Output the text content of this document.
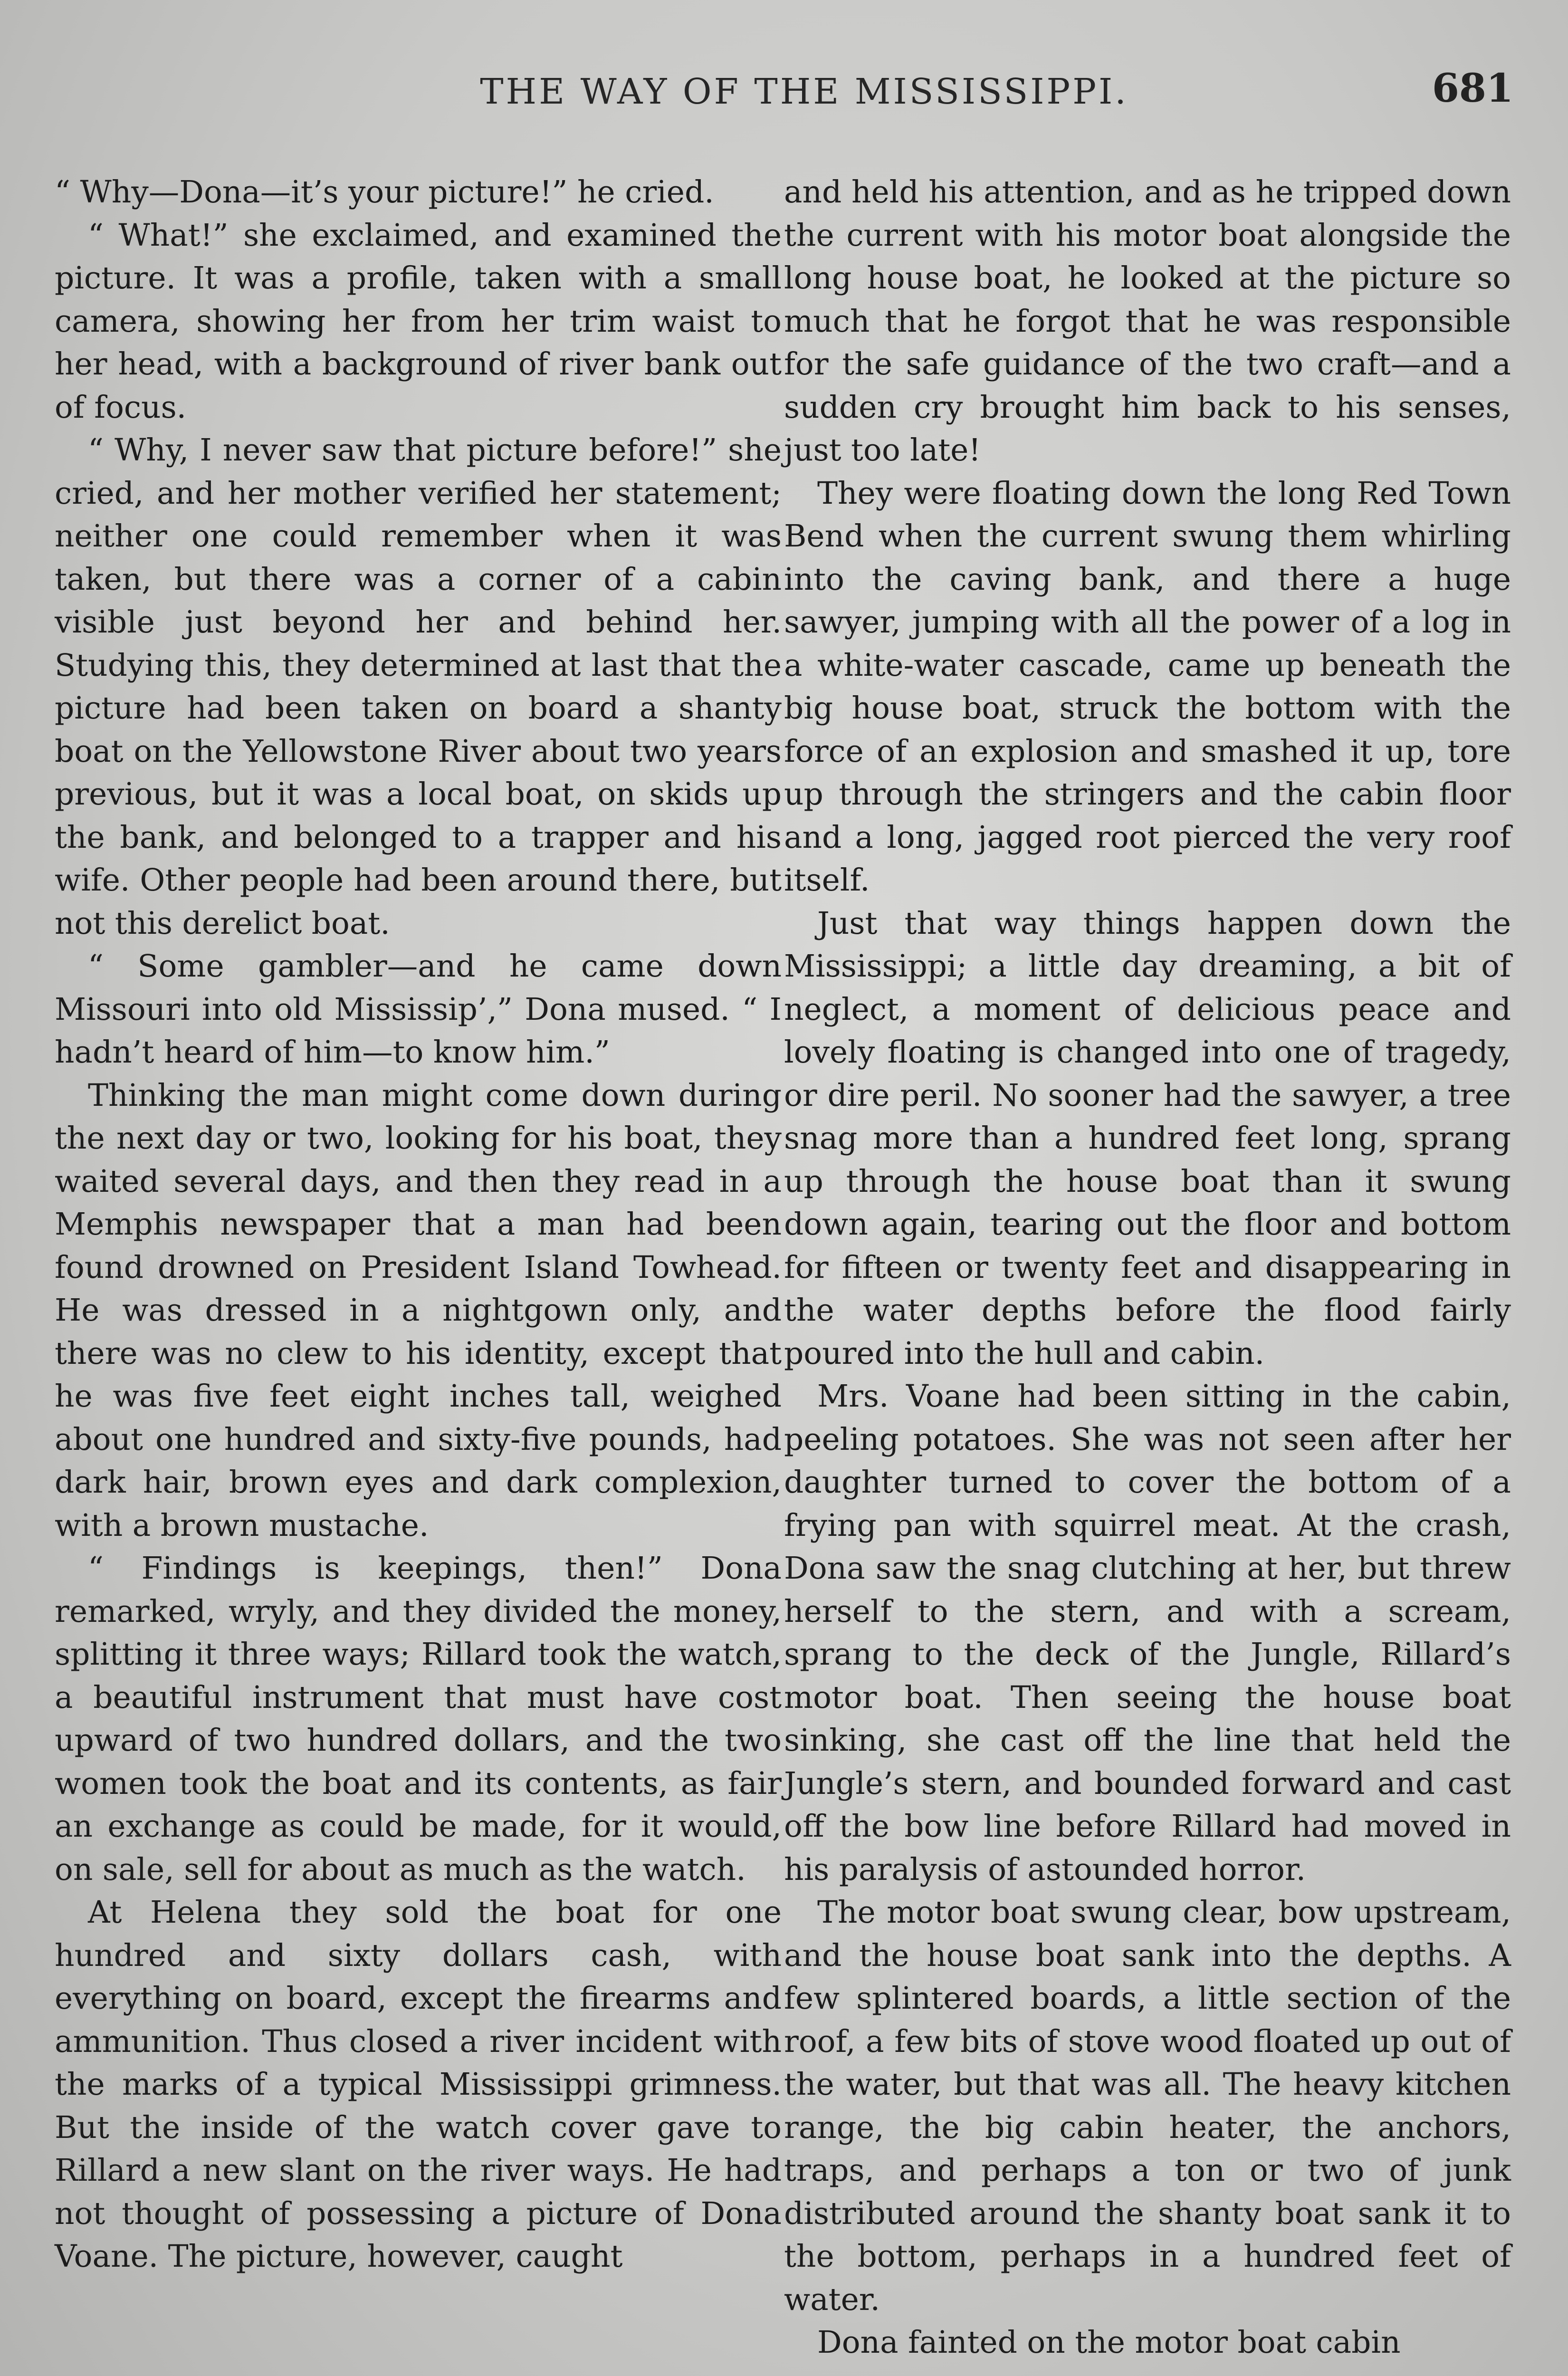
THE WAY OF THE MISSISSIPPI.	681

“ Why—Dona—it’s your picture!” he cried.

“ What!” she exclaimed, and examined the picture. It was a profile, taken with a small camera, showing her from her trim waist to her head, with a background of river bank out of focus.

“ Why, I never saw that picture before!” she cried, and her mother verified her statement; neither one could remember when it was taken, but there was a corner of a cabin visible just beyond her and behind her. Studying this, they determined at last that the picture had been taken on board a shanty boat on the Yellowstone River about two years previous, but it was a local boat, on skids up the bank, and belonged to a trapper and his wife. Other people had been around there, but not this derelict boat.

“ Some gambler—and he came down Missouri into old Mississip’,” Dona mused. “ I hadn’t heard of him—to know him.”

Thinking the man might come down during the next day or two, looking for his boat, they waited several days, and then they read in a Memphis newspaper that a man had been found drowned on President Island Towhead. He was dressed in a nightgown only, and there was no clew to his identity, except that he was five feet eight inches tall, weighed about one hundred and sixty-five pounds, had dark hair, brown eyes and dark complexion, with a brown mustache.

“ Findings is keepings, then!” Dona remarked, wryly, and they divided the money, splitting it three ways; Rillard took the watch, a beautiful instrument that must have cost upward of two hundred dollars, and the two women took the boat and its contents, as fair an exchange as could be made, for it would, on sale, sell for about as much as the watch.

At Helena they sold the boat for one hundred and sixty dollars cash, with everything on board, except the firearms and ammunition. Thus closed a river incident with the marks of a typical Mississippi grimness. But the inside of the watch cover gave to Rillard a new slant on the river ways. He had not thought of possessing a picture of Dona Voane. The picture, however, caught

and held his attention, and as he tripped down the current with his motor boat alongside the long house boat, he looked at the picture so much that he forgot that he was responsible for the safe guidance of the two craft—and a sudden cry brought him back to his senses, just too late!

They were floating down the long Red Town Bend when the current swung them whirling into the caving bank, and there a huge sawyer, jumping with all the power of a log in a white-water cascade, came up beneath the big house boat, struck the bottom with the force of an explosion and smashed it up, tore up through the stringers and the cabin floor and a long, jagged root pierced the very roof itself.

Just that way things happen down the Mississippi; a little day dreaming, a bit of neglect, a moment of delicious peace and lovely floating is changed into one of tragedy, or dire peril. No sooner had the sawyer, a tree snag more than a hundred feet long, sprang up through the house boat than it swung down again, tearing out the floor and bottom for fifteen or twenty feet and disappearing in the water depths before the flood fairly poured into the hull and cabin.

Mrs. Voane had been sitting in the cabin, peeling potatoes. She was not seen after her daughter turned to cover the bottom of a frying pan with squirrel meat. At the crash, Dona saw the snag clutching at her, but threw herself to the stern, and with a scream, sprang to the deck of the Jungle, Rillard’s motor boat. Then seeing the house boat sinking, she cast off the line that held the Jungle’s stern, and bounded forward and cast off the bow line before Rillard had moved in his paralysis of astounded horror.

The motor boat swung clear, bow upstream, and the house boat sank into the depths. A few splintered boards, a little section of the roof, a few bits of stove wood floated up out of the water, but that was all. The heavy kitchen range, the big cabin heater, the anchors, traps, and perhaps a ton or two of junk distributed around the shanty boat sank it to the bottom, perhaps in a hundred feet of water.

Dona fainted on the motor boat cabin
